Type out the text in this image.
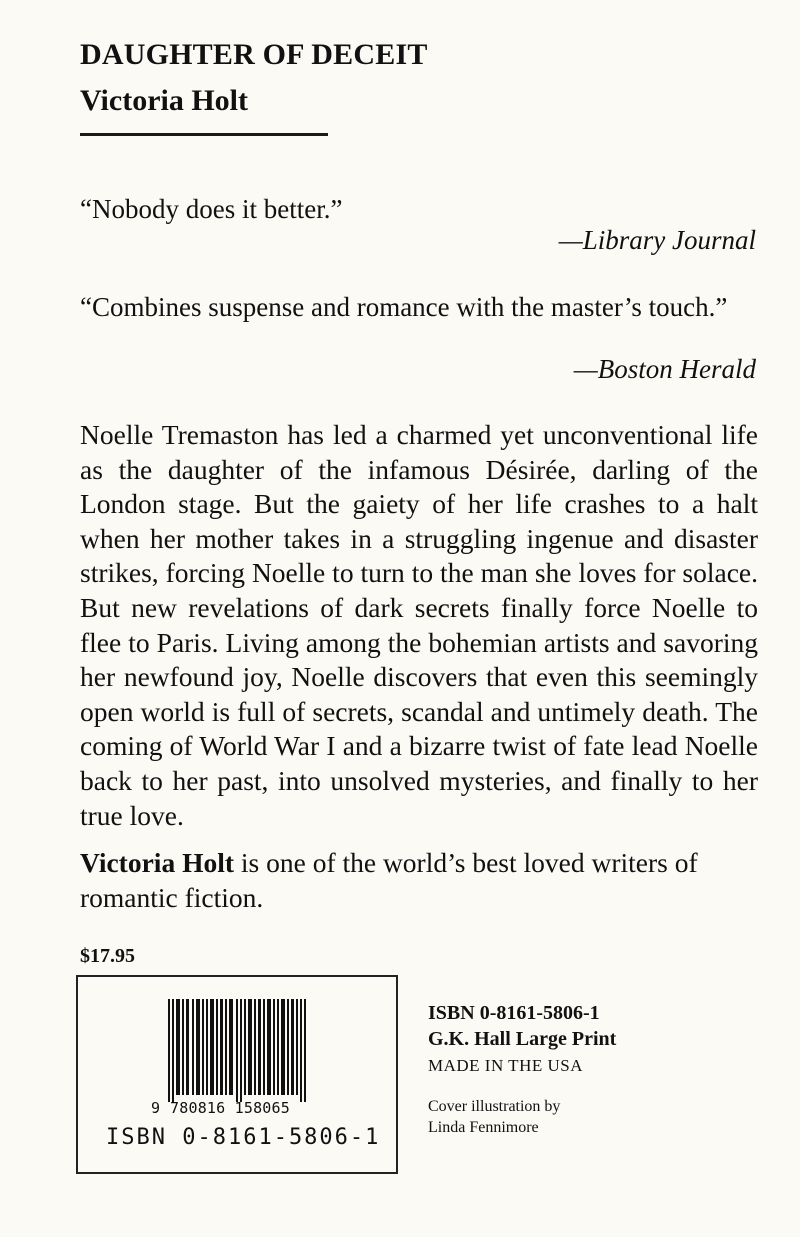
DAUGHTER OF DECEIT
Victoria Holt
“Nobody does it better.”
—Library Journal
“Combines suspense and romance with the master’s touch.”
—Boston Herald
Noelle Tremaston has led a charmed yet unconventional life as the daughter of the infamous Désirée, darling of the London stage. But the gaiety of her life crashes to a halt when her mother takes in a struggling ingenue and disaster strikes, forcing Noelle to turn to the man she loves for solace. But new revelations of dark secrets finally force Noelle to flee to Paris. Living among the bohemian artists and savoring her newfound joy, Noelle discovers that even this seemingly open world is full of secrets, scandal and untimely death. The coming of World War I and a bizarre twist of fate lead Noelle back to her past, into unsolved mysteries, and finally to her true love.
Victoria Holt is one of the world’s best loved writers of romantic fiction.
$17.95
9 780816 158065
ISBN 0-8161-5806-1
ISBN 0-8161-5806-1
G.K. Hall Large Print
MADE IN THE USA
Cover illustration by
Linda Fennimore
